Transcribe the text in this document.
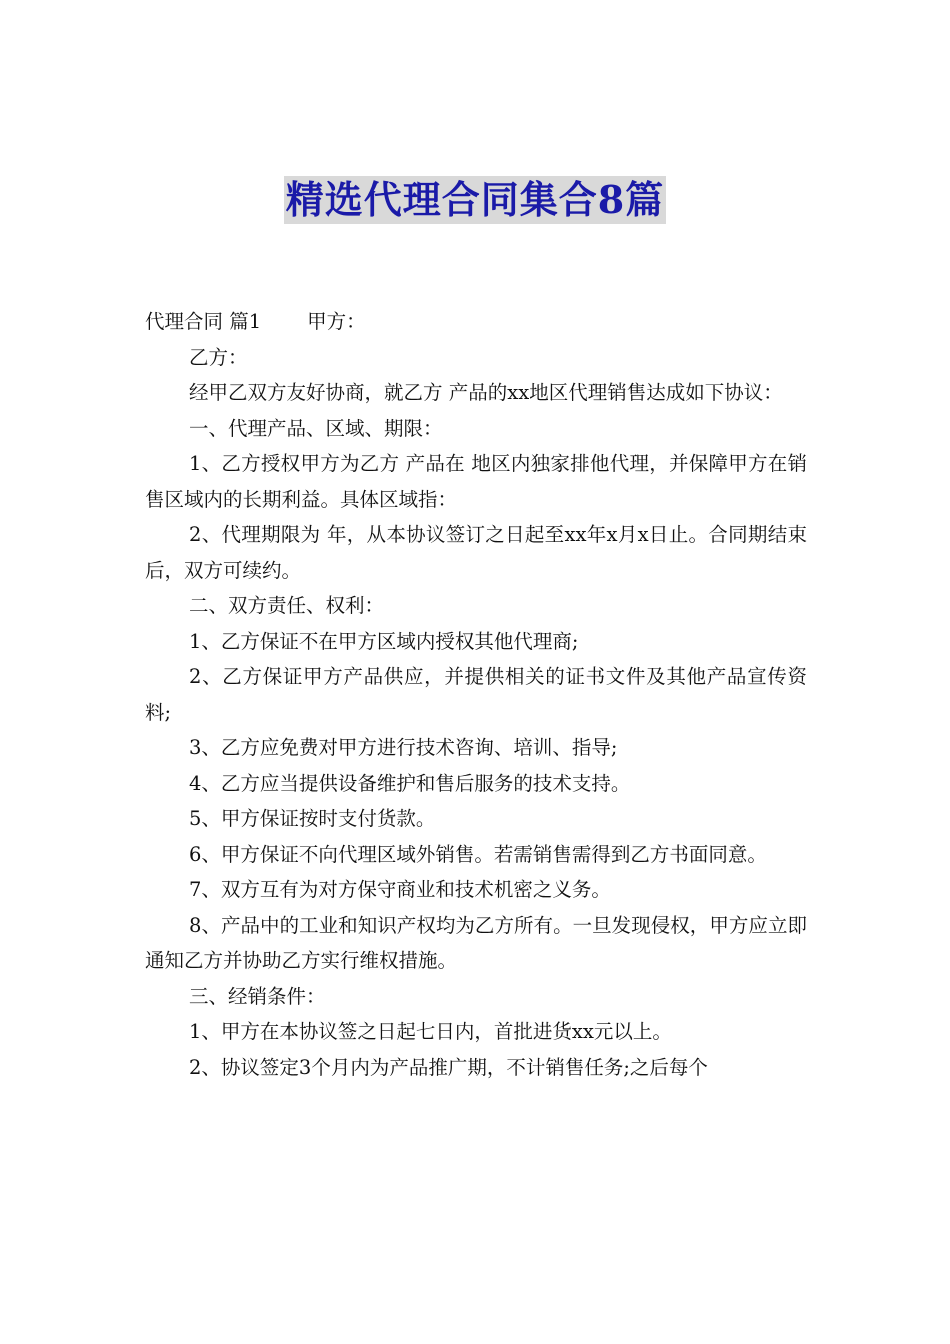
精选代理合同集合8篇

代理合同 篇1 甲方：

乙方：

经甲乙双方友好协商，就乙方 产品的xx地区代理销售达成如下协议：

一、代理产品、区域、期限：

1、乙方授权甲方为乙方 产品在 地区内独家排他代理，并保障甲方在销售区域内的长期利益。具体区域指：

2、代理期限为 年，从本协议签订之日起至xx年x月x日止。合同期结束后，双方可续约。

二、双方责任、权利：

1、乙方保证不在甲方区域内授权其他代理商;

2、乙方保证甲方产品供应，并提供相关的证书文件及其他产品宣传资料;

3、乙方应免费对甲方进行技术咨询、培训、指导;

4、乙方应当提供设备维护和售后服务的技术支持。

5、甲方保证按时支付货款。

6、甲方保证不向代理区域外销售。若需销售需得到乙方书面同意。

7、双方互有为对方保守商业和技术机密之义务。

8、产品中的工业和知识产权均为乙方所有。一旦发现侵权，甲方应立即通知乙方并协助乙方实行维权措施。

三、经销条件：

1、甲方在本协议签之日起七日内，首批进货xx元以上。

2、协议签定3个月内为产品推广期，不计销售任务;之后每个
